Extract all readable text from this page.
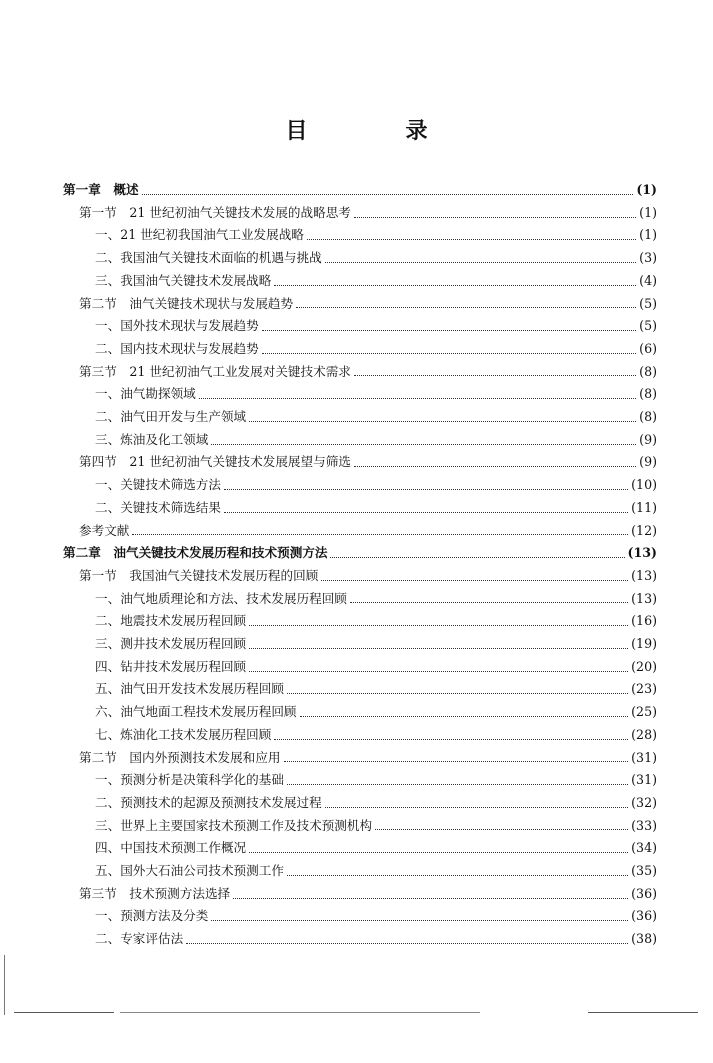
目　录
第一章　概述	(1)
第一节　21 世纪初油气关键技术发展的战略思考	(1)
一、21 世纪初我国油气工业发展战略	(1)
二、我国油气关键技术面临的机遇与挑战	(3)
三、我国油气关键技术发展战略	(4)
第二节　油气关键技术现状与发展趋势	(5)
一、国外技术现状与发展趋势	(5)
二、国内技术现状与发展趋势	(6)
第三节　21 世纪初油气工业发展对关键技术需求	(8)
一、油气勘探领域	(8)
二、油气田开发与生产领域	(8)
三、炼油及化工领域	(9)
第四节　21 世纪初油气关键技术发展展望与筛选	(9)
一、关键技术筛选方法	(10)
二、关键技术筛选结果	(11)
参考文献	(12)
第二章　油气关键技术发展历程和技术预测方法	(13)
第一节　我国油气关键技术发展历程的回顾	(13)
一、油气地质理论和方法、技术发展历程回顾	(13)
二、地震技术发展历程回顾	(16)
三、测井技术发展历程回顾	(19)
四、钻井技术发展历程回顾	(20)
五、油气田开发技术发展历程回顾	(23)
六、油气地面工程技术发展历程回顾	(25)
七、炼油化工技术发展历程回顾	(28)
第二节　国内外预测技术发展和应用	(31)
一、预测分析是决策科学化的基础	(31)
二、预测技术的起源及预测技术发展过程	(32)
三、世界上主要国家技术预测工作及技术预测机构	(33)
四、中国技术预测工作概况	(34)
五、国外大石油公司技术预测工作	(35)
第三节　技术预测方法选择	(36)
一、预测方法及分类	(36)
二、专家评估法	(38)
